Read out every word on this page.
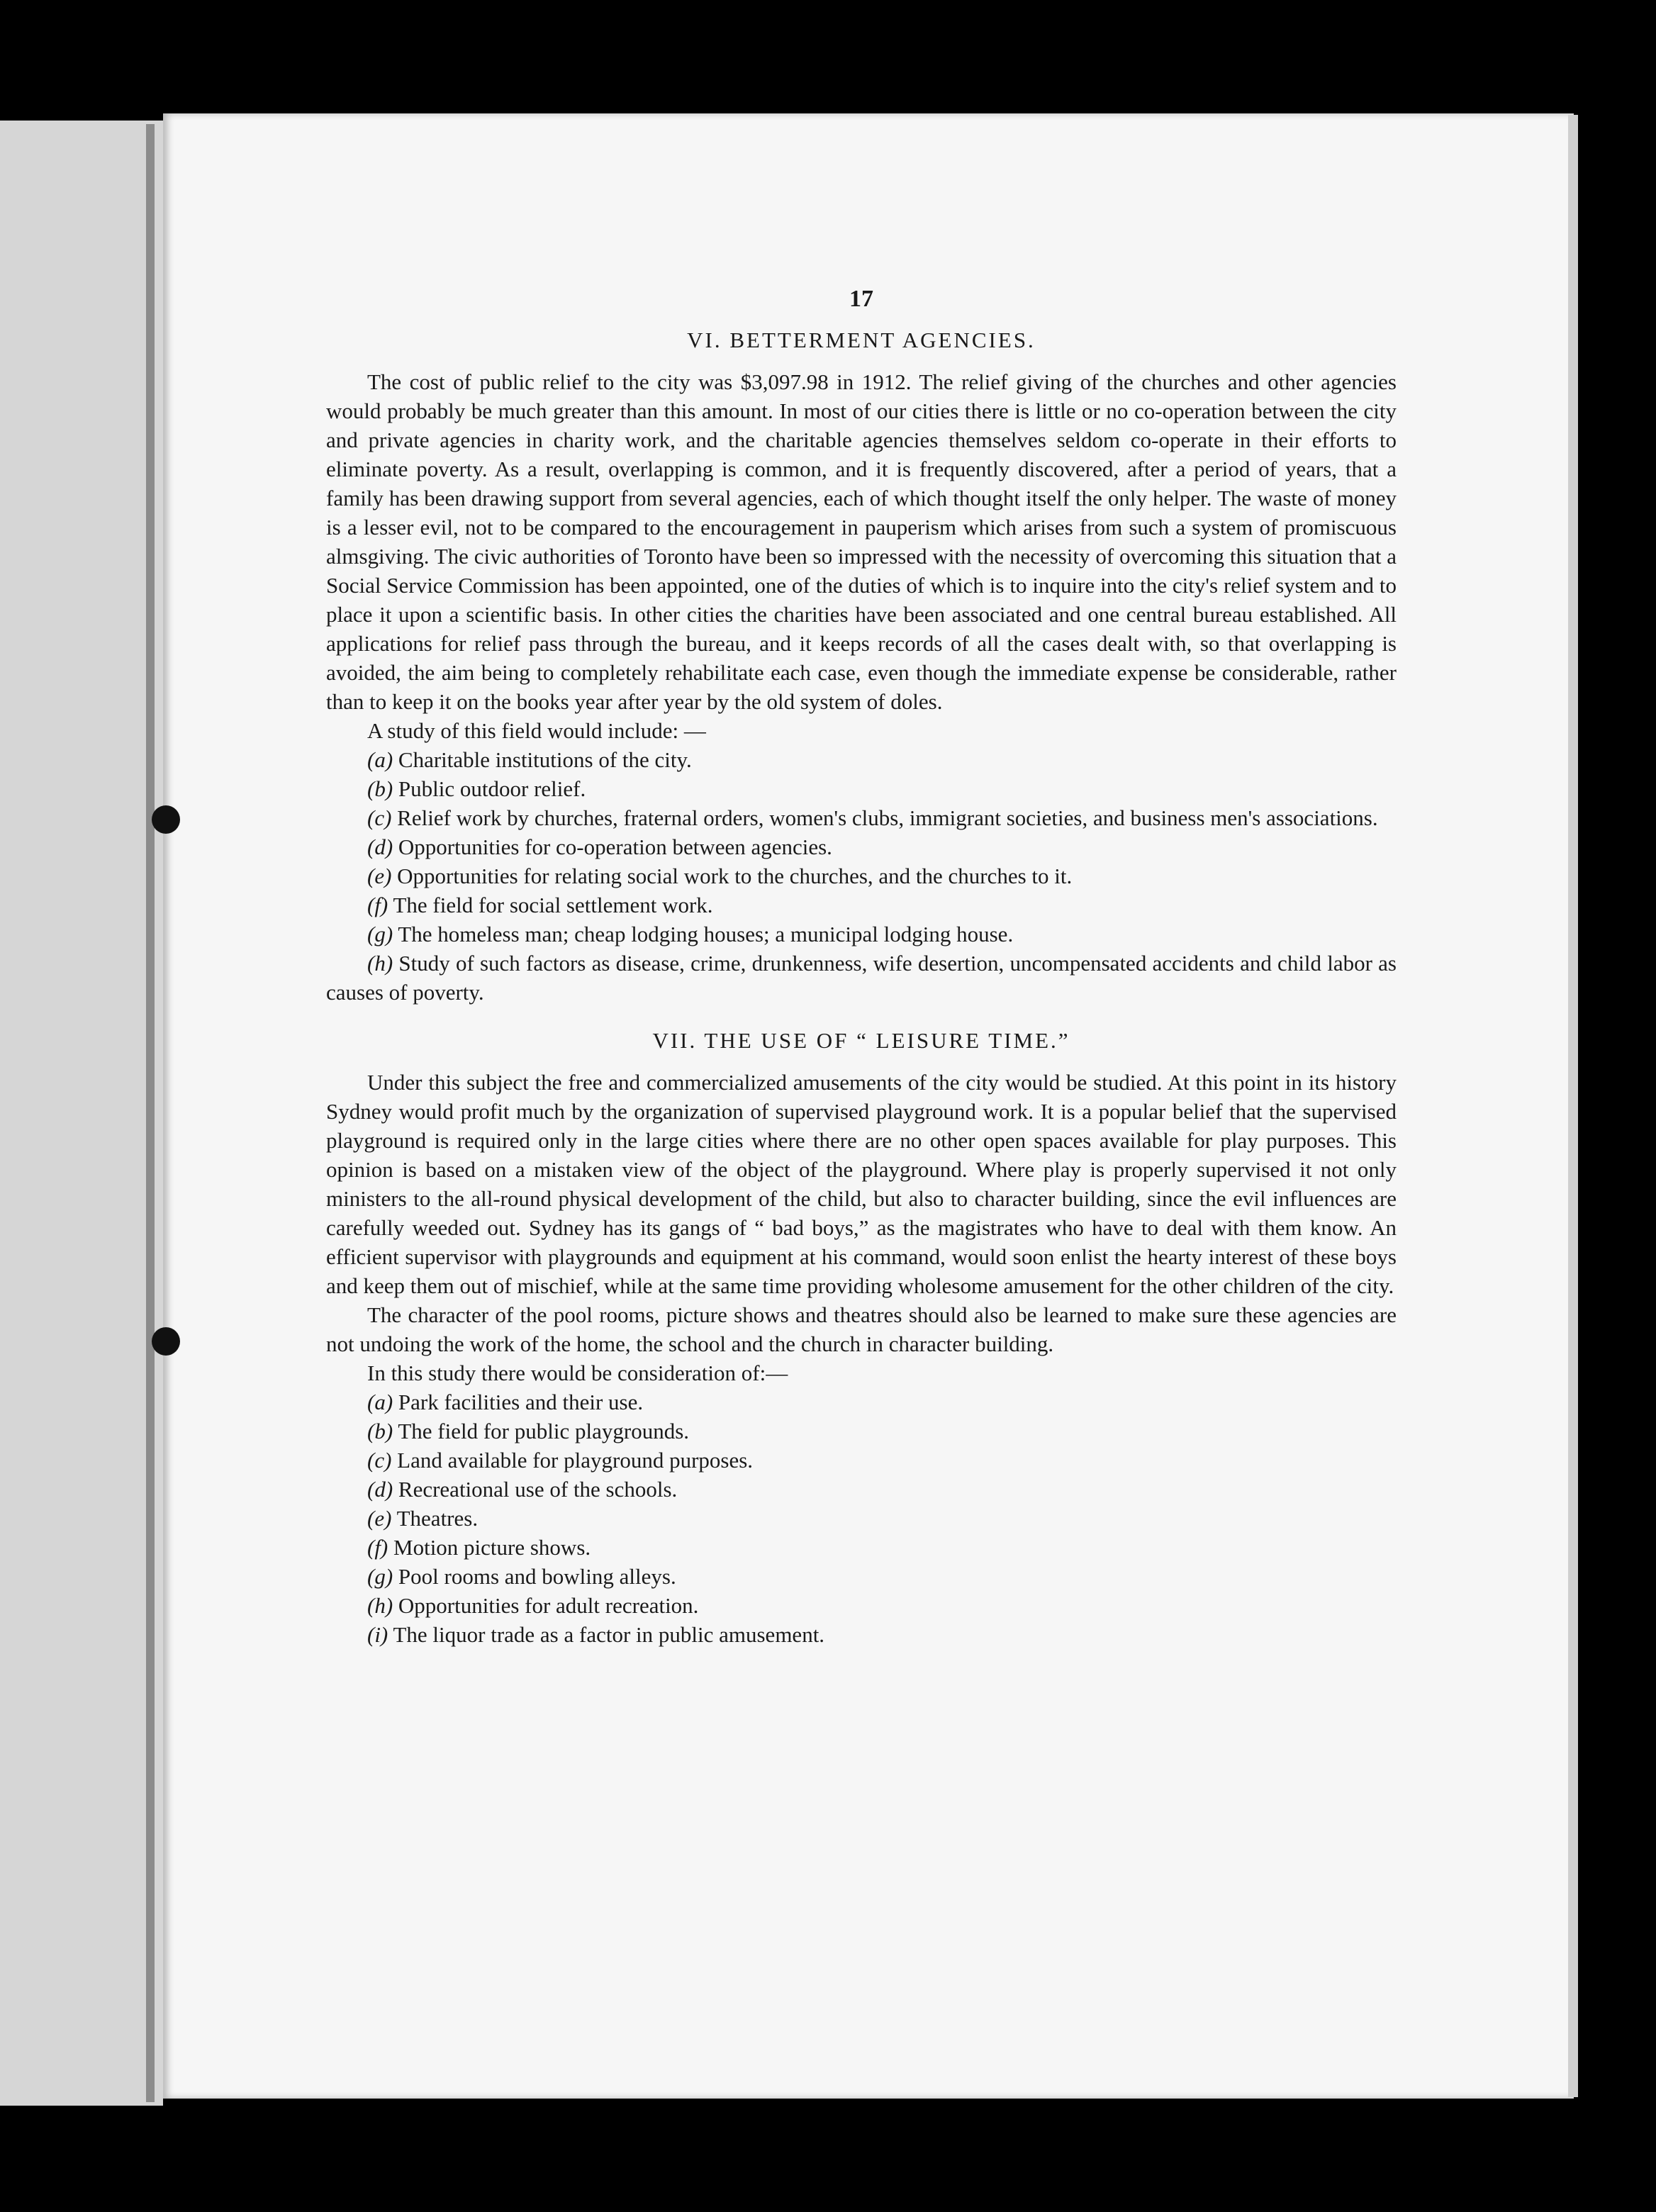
17
VI. BETTERMENT AGENCIES.

The cost of public relief to the city was $3,097.98 in 1912. The relief giving of the churches and other agencies would probably be much greater than this amount. In most of our cities there is little or no co-operation between the city and private agencies in charity work, and the charitable agencies themselves seldom co-operate in their efforts to eliminate poverty. As a result, overlapping is common, and it is frequently discovered, after a period of years, that a family has been drawing support from several agencies, each of which thought itself the only helper. The waste of money is a lesser evil, not to be compared to the encouragement in pauperism which arises from such a system of promiscuous almsgiving. The civic authorities of Toronto have been so impressed with the necessity of overcoming this situation that a Social Service Commission has been appointed, one of the duties of which is to inquire into the city's relief system and to place it upon a scientific basis. In other cities the charities have been associated and one central bureau established. All applications for relief pass through the bureau, and it keeps records of all the cases dealt with, so that overlapping is avoided, the aim being to completely rehabilitate each case, even though the immediate expense be considerable, rather than to keep it on the books year after year by the old system of doles.

A study of this field would include: —

(a) Charitable institutions of the city.
(b) Public outdoor relief.
(c) Relief work by churches, fraternal orders, women's clubs, immigrant societies, and business men's associations.
(d) Opportunities for co-operation between agencies.
(e) Opportunities for relating social work to the churches, and the churches to it.
(f) The field for social settlement work.
(g) The homeless man; cheap lodging houses; a municipal lodging house.
(h) Study of such factors as disease, crime, drunkenness, wife desertion, uncompensated accidents and child labor as causes of poverty.
VII. THE USE OF “ LEISURE TIME.”

Under this subject the free and commercialized amusements of the city would be studied. At this point in its history Sydney would profit much by the organization of supervised playground work. It is a popular belief that the supervised playground is required only in the large cities where there are no other open spaces available for play purposes. This opinion is based on a mistaken view of the object of the playground. Where play is properly supervised it not only ministers to the all-round physical development of the child, but also to character building, since the evil influences are carefully weeded out. Sydney has its gangs of “ bad boys,” as the magistrates who have to deal with them know. An efficient supervisor with playgrounds and equipment at his command, would soon enlist the hearty interest of these boys and keep them out of mischief, while at the same time providing wholesome amusement for the other children of the city.

The character of the pool rooms, picture shows and theatres should also be learned to make sure these agencies are not undoing the work of the home, the school and the church in character building.

In this study there would be consideration of:—

(a) Park facilities and their use.
(b) The field for public playgrounds.
(c) Land available for playground purposes.
(d) Recreational use of the schools.
(e) Theatres.
(f) Motion picture shows.
(g) Pool rooms and bowling alleys.
(h) Opportunities for adult recreation.
(i) The liquor trade as a factor in public amusement.
